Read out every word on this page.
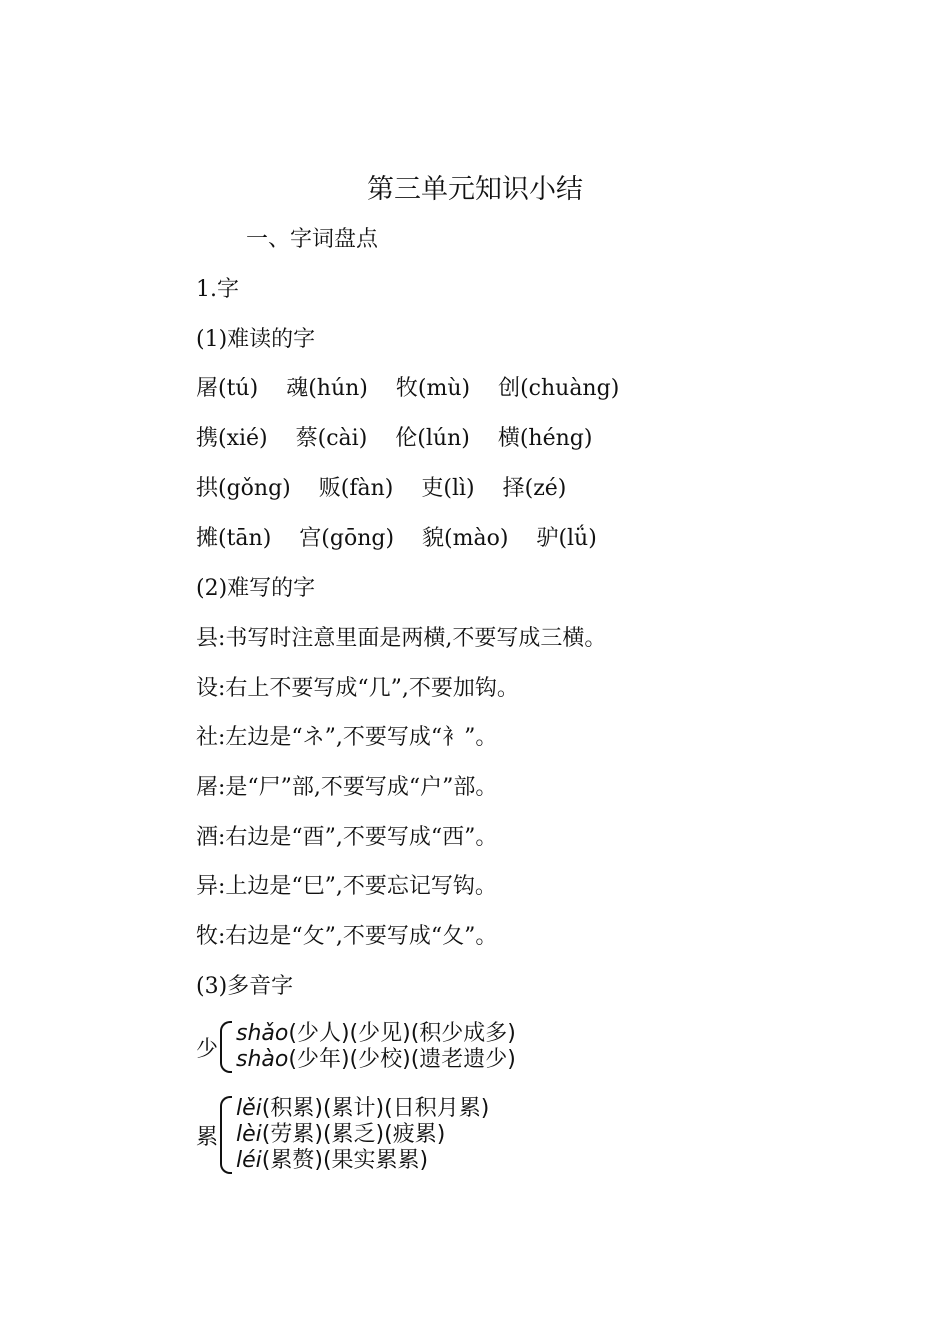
第三单元知识小结
一、字词盘点
1.字
(1)难读的字
屠(tú) 魂(hún) 牧(mù) 创(chuàng)
携(xié) 蔡(cài) 伦(lún) 横(héng)
拱(gǒng) 贩(fàn) 吏(lì) 择(zé)
摊(tān) 宫(gōng) 貌(mào) 驴(lǘ)
(2)难写的字
县:书写时注意里面是两横,不要写成三横。
设:右上不要写成“几”,不要加钩。
社:左边是“ネ”,不要写成“衤”。
屠:是“尸”部,不要写成“户”部。
酒:右边是“酉”,不要写成“西”。
异:上边是“巳”,不要忘记写钩。
牧:右边是“攵”,不要写成“夂”。
(3)多音字
少
shǎo(少人)(少见)(积少成多)
shào(少年)(少校)(遗老遗少)
累
lěi(积累)(累计)(日积月累)
lèi(劳累)(累乏)(疲累)
léi(累赘)(果实累累)
